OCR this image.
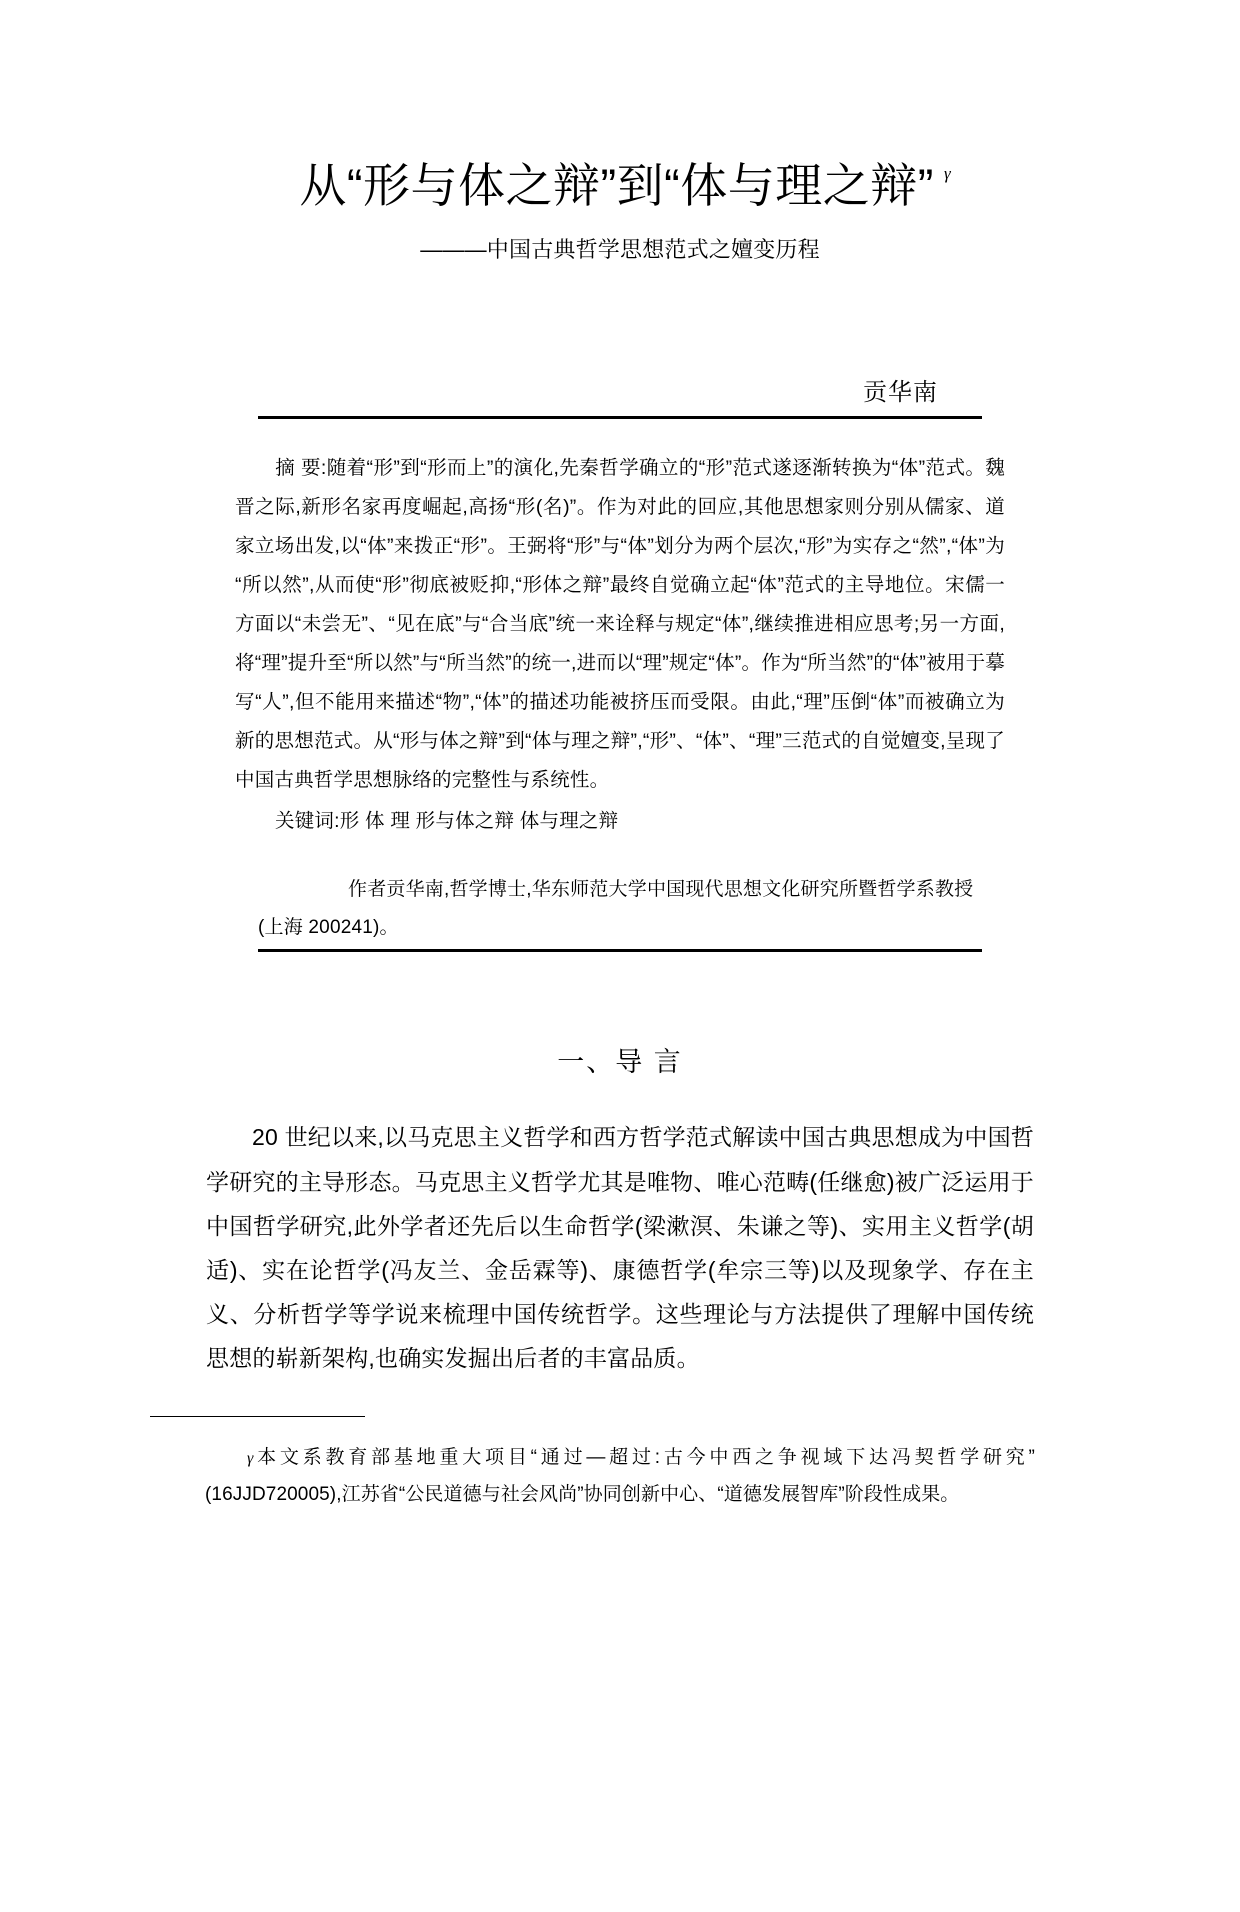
从“形与体之辩”到“体与理之辩” $^\gamma$
———中国古典哲学思想范式之嬗变历程
贡华南
摘 要:随着“形”到“形而上”的演化,先秦哲学确立的“形”范式遂逐渐转换为“体”范式。魏晋之际,新形名家再度崛起,高扬“形(名)”。作为对此的回应,其他思想家则分别从儒家、道家立场出发,以“体”来拨正“形”。王弼将“形”与“体”划分为两个层次,“形”为实存之“然”,“体”为“所以然”,从而使“形”彻底被贬抑,“形体之辩”最终自觉确立起“体”范式的主导地位。宋儒一方面以“未尝无”、“见在底”与“合当底”统一来诠释与规定“体”,继续推进相应思考;另一方面,将“理”提升至“所以然”与“所当然”的统一,进而以“理”规定“体”。作为“所当然”的“体”被用于摹写“人”,但不能用来描述“物”,“体”的描述功能被挤压而受限。由此,“理”压倒“体”而被确立为新的思想范式。从“形与体之辩”到“体与理之辩”,“形”、“体”、“理”三范式的自觉嬗变,呈现了中国古典哲学思想脉络的完整性与系统性。
关键词:形 体 理 形与体之辩 体与理之辩
作者贡华南,哲学博士,华东师范大学中国现代思想文化研究所暨哲学系教授
(上海 200241)。
一、导 言
20 世纪以来,以马克思主义哲学和西方哲学范式解读中国古典思想成为中国哲学研究的主导形态。马克思主义哲学尤其是唯物、唯心范畴(任继愈)被广泛运用于中国哲学研究,此外学者还先后以生命哲学(梁漱溟、朱谦之等)、实用主义哲学(胡适)、实在论哲学(冯友兰、金岳霖等)、康德哲学(牟宗三等)以及现象学、存在主义、分析哲学等学说来梳理中国传统哲学。这些理论与方法提供了理解中国传统思想的崭新架构,也确实发掘出后者的丰富品质。
γ本文系教育部基地重大项目“通过—超过:古今中西之争视域下达冯契哲学研究”(16JJD720005),江苏省“公民道德与社会风尚”协同创新中心、“道德发展智库”阶段性成果。
